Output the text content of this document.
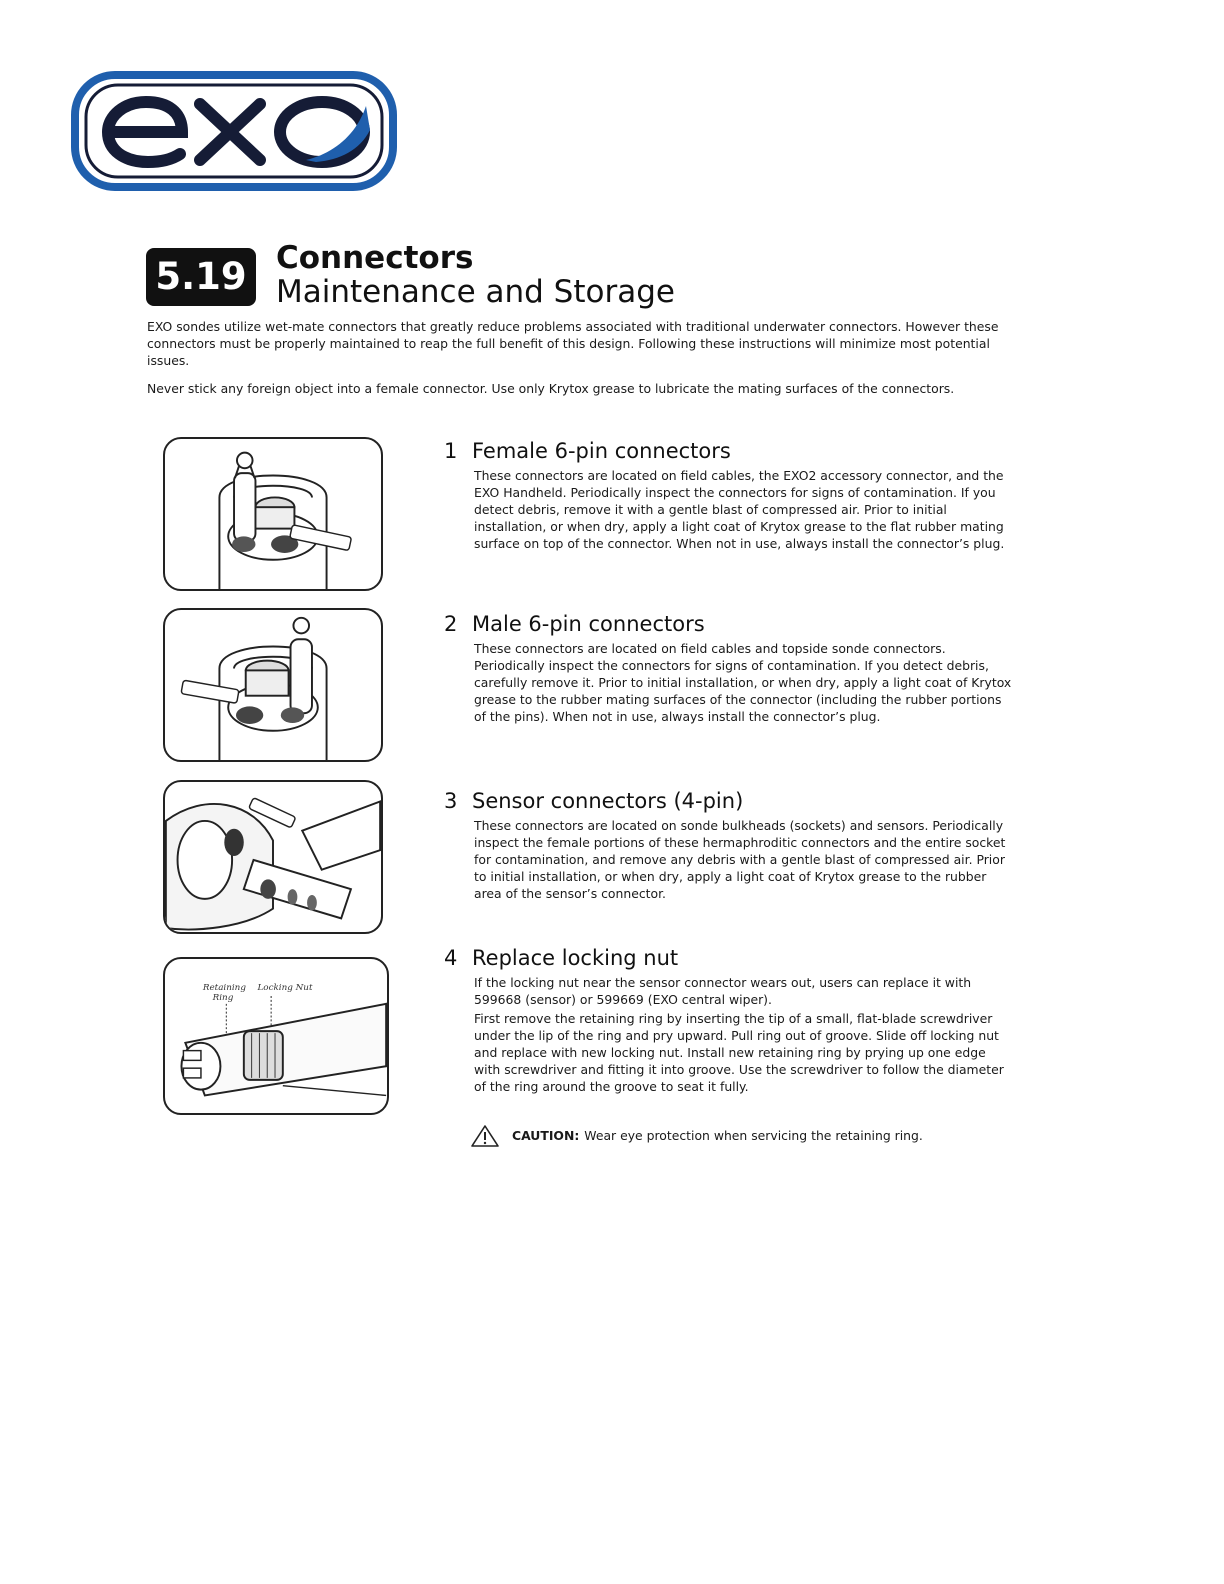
5.19 Connectors
Maintenance and Storage

EXO sondes utilize wet-mate connectors that greatly reduce problems associated with traditional underwater connectors. However these connectors must be properly maintained to reap the full benefit of this design. Following these instructions will minimize most potential issues.

Never stick any foreign object into a female connector. Use only Krytox grease to lubricate the mating surfaces of the connectors.

Retaining
Ring
Locking Nut
1 Female 6-pin connectors

These connectors are located on field cables, the EXO2 accessory connector, and the EXO Handheld. Periodically inspect the connectors for signs of contamination. If you detect debris, remove it with a gentle blast of compressed air. Prior to initial installation, or when dry, apply a light coat of Krytox grease to the flat rubber mating surface on top of the connector. When not in use, always install the connector’s plug.

2 Male 6-pin connectors

These connectors are located on field cables and topside sonde connectors. Periodically inspect the connectors for signs of contamination. If you detect debris, carefully remove it. Prior to initial installation, or when dry, apply a light coat of Krytox grease to the rubber mating surfaces of the connector (including the rubber portions of the pins). When not in use, always install the connector’s plug.

3 Sensor connectors (4-pin)

These connectors are located on sonde bulkheads (sockets) and sensors. Periodically inspect the female portions of these hermaphroditic connectors and the entire socket for contamination, and remove any debris with a gentle blast of compressed air. Prior to initial installation, or when dry, apply a light coat of Krytox grease to the rubber area of the sensor’s connector.

4 Replace locking nut

If the locking nut near the sensor connector wears out, users can replace it with 599668 (sensor) or 599669 (EXO central wiper).

First remove the retaining ring by inserting the tip of a small, flat-blade screwdriver under the lip of the ring and pry upward. Pull ring out of groove. Slide off locking nut and replace with new locking nut. Install new retaining ring by prying up one edge with screwdriver and fitting it into groove. Use the screwdriver to follow the diameter of the ring around the groove to seat it fully.

CAUTION: Wear eye protection when servicing the retaining ring.
